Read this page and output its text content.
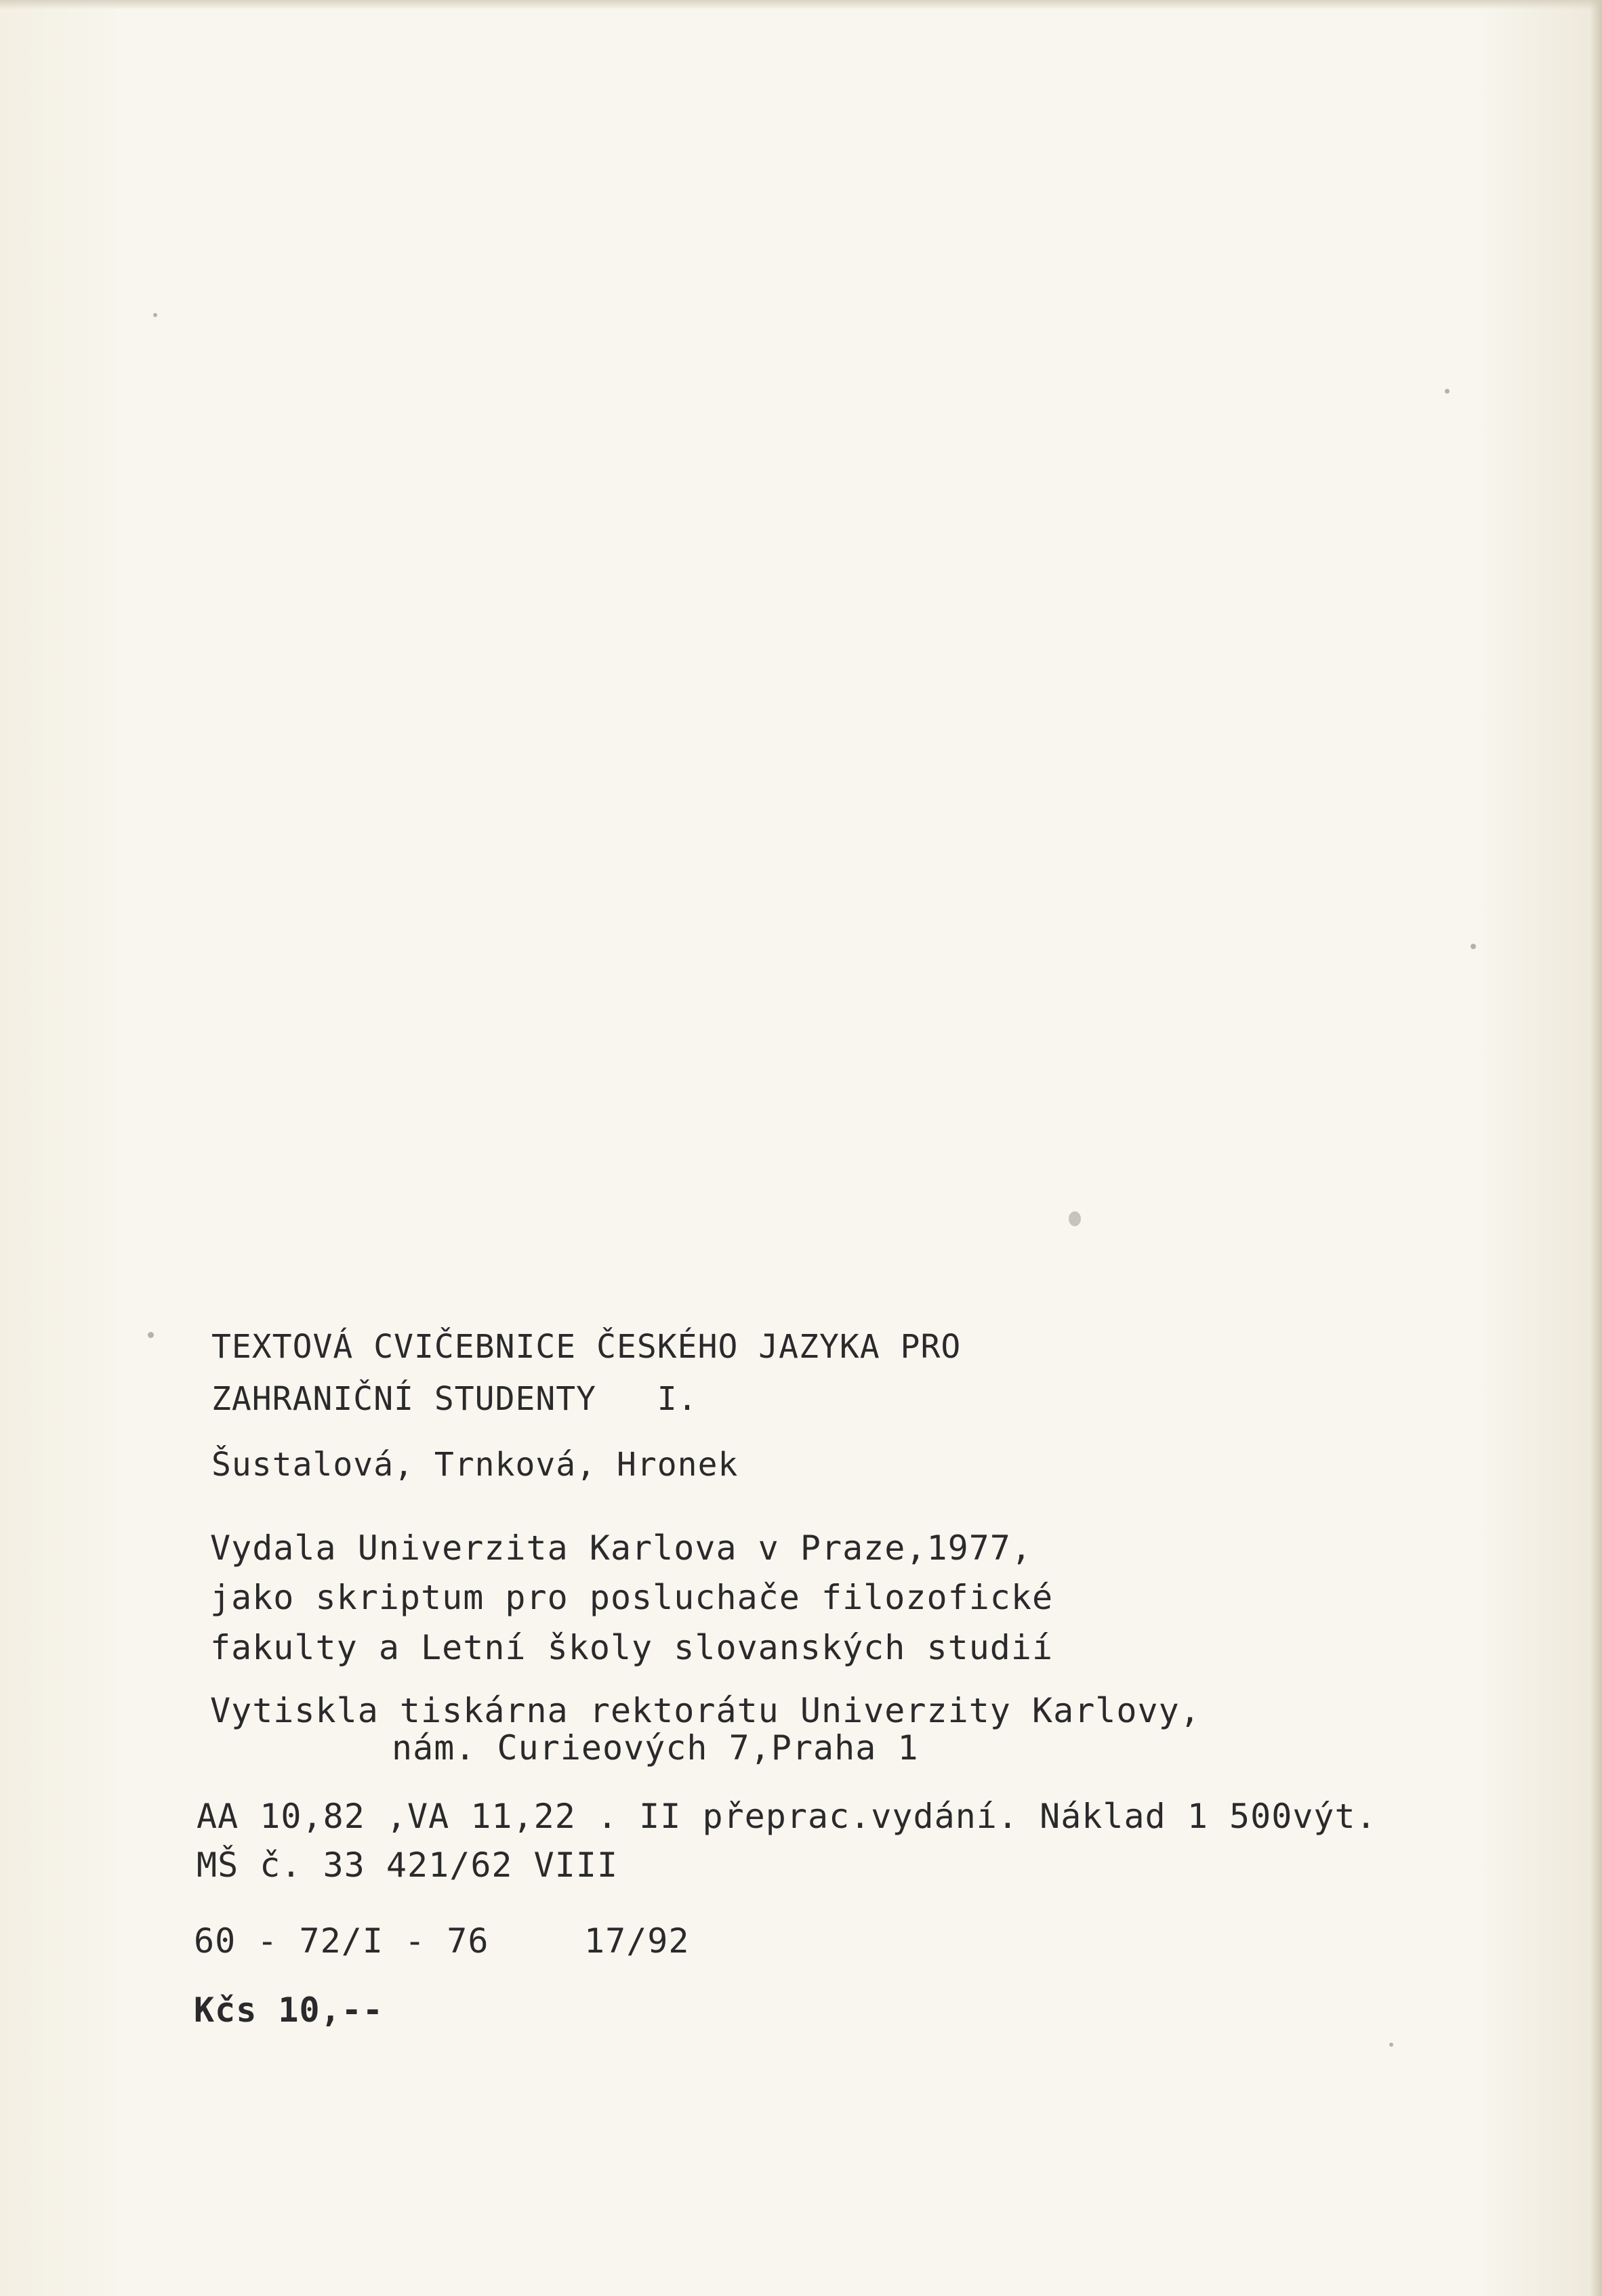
TEXTOVÁ CVIČEBNICE ČESKÉHO JAZYKA PRO
ZAHRANIČNÍ STUDENTY   I.
Šustalová, Trnková, Hronek
Vydala Univerzita Karlova v Praze,1977,
jako skriptum pro posluchače filozofické
fakulty a Letní školy slovanských studií
Vytiskla tiskárna rektorátu Univerzity Karlovy,
nám. Curieových 7,Praha 1
AA 10,82 ,VA 11,22 . II přeprac.vydání. Náklad 1 500výt.
MŠ č. 33 421/62 VIII
60 - 72/I - 76	17/92
Kčs 10,--
